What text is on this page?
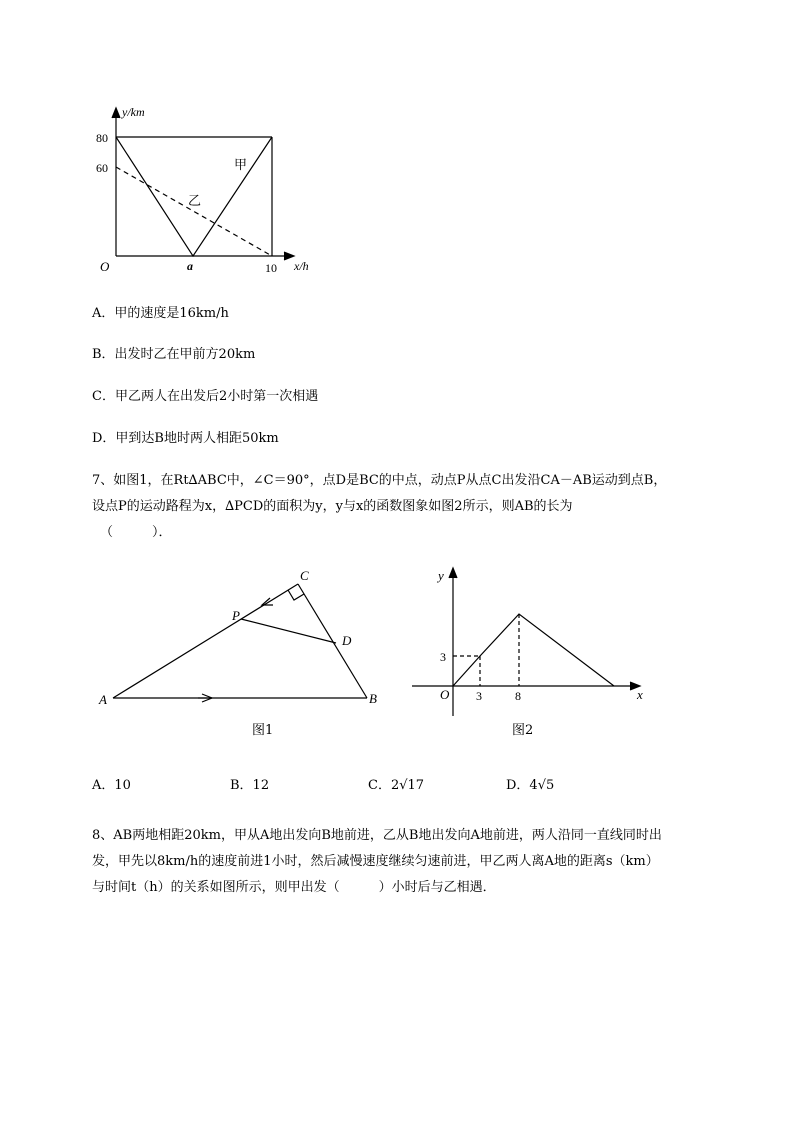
y/km
x/h
O
80
60
a	10
甲
乙
A．甲的速度是16km/h
B．出发时乙在甲前方20km
C．甲乙两人在出发后2小时第一次相遇
D．甲到达B地时两人相距50km
7、如图1，在Rt∆ABC中，∠C＝90°，点D是BC的中点，动点P从点C出发沿CA－AB运动到点B，
设点P的运动路程为x，∆PCD的面积为y，y与x的函数图象如图2所示，则AB的长为
（　　　）．
A	B
C
D
P
图1
y
x
O
3
3	8
图2
A．10	B．12	C．2√17	D．4√5
8、AB两地相距20km，甲从A地出发向B地前进，乙从B地出发向A地前进，两人沿同一直线同时出
发，甲先以8km/h的速度前进1小时，然后减慢速度继续匀速前进，甲乙两人离A地的距离s（km）
与时间t（h）的关系如图所示，则甲出发（　　　）小时后与乙相遇．
